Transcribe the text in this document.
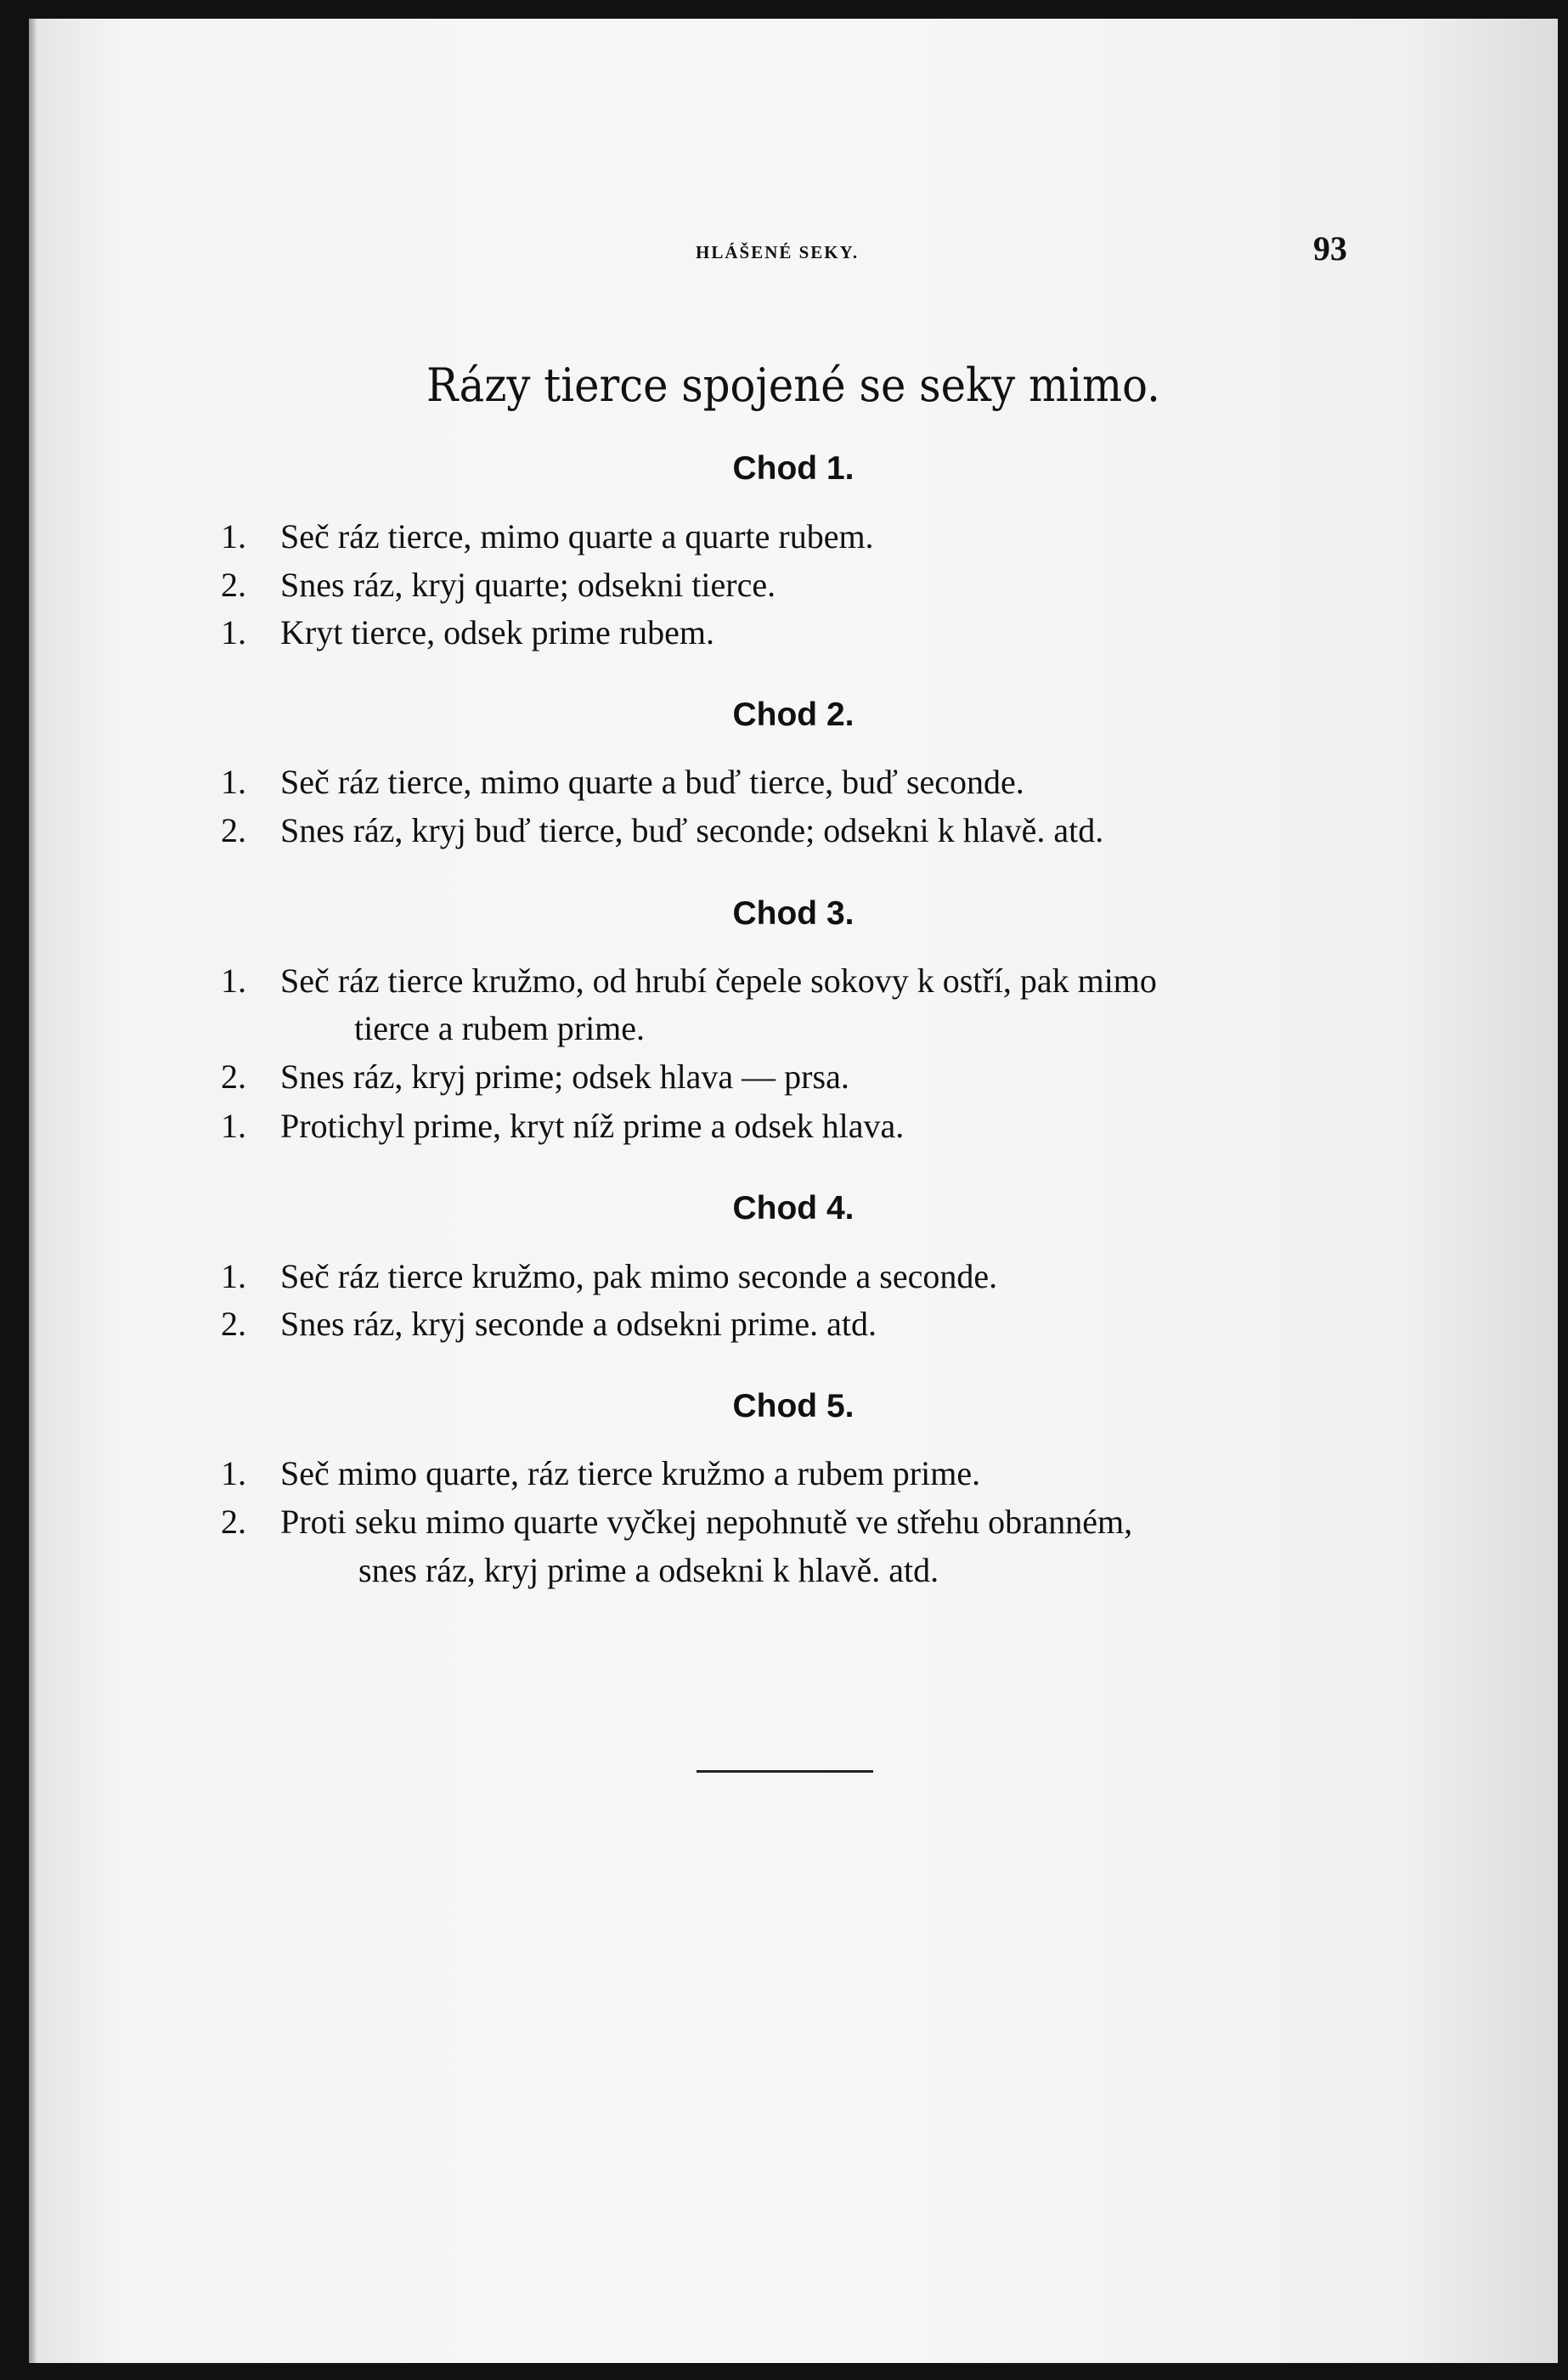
HLÁŠENÉ SEKY.	93
Rázy tierce spojené se seky mimo.
Chod 1.
1.	Seč ráz tierce, mimo quarte a quarte rubem.
2.	Snes ráz, kryj quarte; odsekni tierce.
1.	Kryt tierce, odsek prime rubem.
Chod 2.
1.	Seč ráz tierce, mimo quarte a buď tierce, buď seconde.
2.	Snes ráz, kryj buď tierce, buď seconde; odsekni k hlavě. atd.
Chod 3.
1.	Seč ráz tierce kružmo, od hrubí čepele sokovy k ostří, pak mimo
tierce a rubem prime.
2.	Snes ráz, kryj prime; odsek hlava — prsa.
1.	Protichyl prime, kryt níž prime a odsek hlava.
Chod 4.
1.	Seč ráz tierce kružmo, pak mimo seconde a seconde.
2.	Snes ráz, kryj seconde a odsekni prime. atd.
Chod 5.
1.	Seč mimo quarte, ráz tierce kružmo a rubem prime.
2.	Proti seku mimo quarte vyčkej nepohnutě ve střehu obranném,
snes ráz, kryj prime a odsekni k hlavě. atd.
